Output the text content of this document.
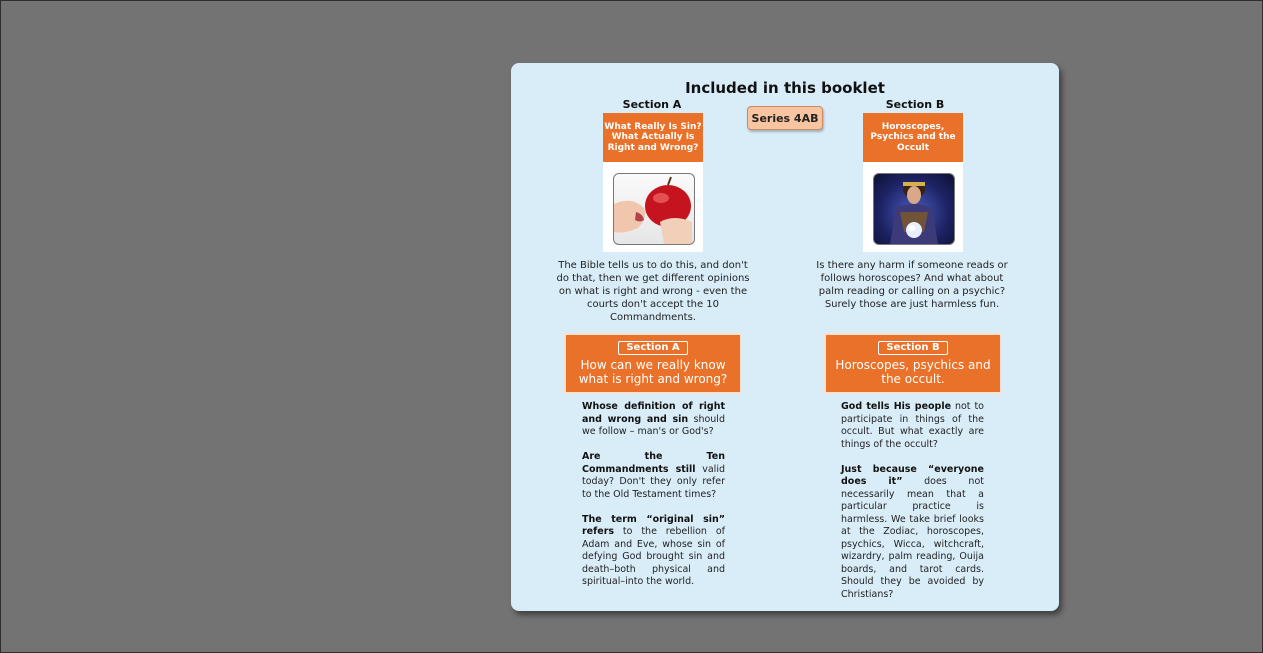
Included in this booklet
Series 4AB
Section A
What Really Is Sin? What Actually Is Right and Wrong?
The Bible tells us to do this, and don't do that, then we get different opinions on what is right and wrong - even the courts don't accept the 10 Commandments.
Section A
How can we really know what is right and wrong?

Whose definition of right and wrong and sin should we follow – man's or God's?

Are the Ten Commandments still valid today? Don't they only refer to the Old Testament times?

The term “original sin” refers to the rebellion of Adam and Eve, whose sin of defying God brought sin and death–both physical and spiritual–into the world.

Section B
Horoscopes, Psychics and the Occult
Is there any harm if someone reads or follows horoscopes? And what about palm reading or calling on a psychic? Surely those are just harmless fun.
Section B
Horoscopes, psychics and the occult.

God tells His people not to participate in things of the occult. But what exactly are things of the occult?

Just because “everyone does it” does not necessarily mean that a particular practice is harmless. We take brief looks at the Zodiac, horoscopes, psychics, Wicca, witchcraft, wizardry, palm reading, Ouija boards, and tarot cards. Should they be avoided by Christians?
